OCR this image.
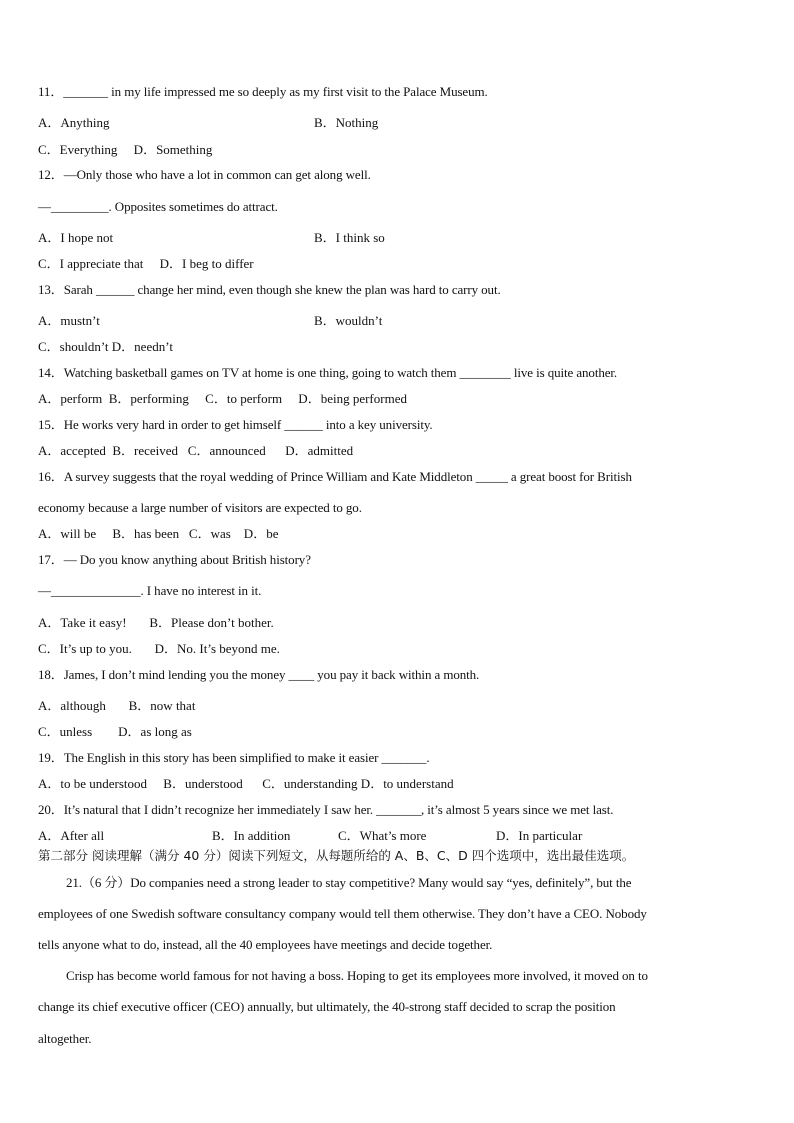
11．_______ in my life impressed me so deeply as my first visit to the Palace Museum.
A．Anything	B．Nothing
C．Everything     D．Something
12．—Only those who have a lot in common can get along well.
—_________. Opposites sometimes do attract.
A．I hope not	B．I think so
C．I appreciate that     D．I beg to differ
13．Sarah ______ change her mind, even though she knew the plan was hard to carry out.
A．mustn’t	B．wouldn’t
C．shouldn’t D．needn’t
14．Watching basketball games on TV at home is one thing, going to watch them ________ live is quite another.
A．perform  B．performing     C．to perform     D．being performed
15．He works very hard in order to get himself ______ into a key university.
A．accepted  B．received   C．announced      D．admitted
16．A survey suggests that the royal wedding of Prince William and Kate Middleton _____ a great boost for British
economy because a large number of visitors are expected to go.
A．will be     B．has been   C．was    D．be
17．— Do you know anything about British history?
—______________. I have no interest in it.
A．Take it easy!       B．Please don’t bother.
C．It’s up to you.       D．No. It’s beyond me.
18．James, I don’t mind lending you the money ____ you pay it back within a month.
A．although       B．now that
C．unless        D．as long as
19．The English in this story has been simplified to make it easier _______.
A．to be understood     B．understood      C．understanding D．to understand
20．It’s natural that I didn’t recognize her immediately I saw her. _______, it’s almost 5 years since we met last.
A．After all	B．In addition	C．What’s more	D．In particular
第二部分 阅读理解（满分 40 分）阅读下列短文，从每题所给的 A、B、C、D 四个选项中，选出最佳选项。
21.（6 分）Do companies need a strong leader to stay competitive? Many would say “yes, definitely”, but the
employees of one Swedish software consultancy company would tell them otherwise. They don’t have a CEO. Nobody
tells anyone what to do, instead, all the 40 employees have meetings and decide together.
Crisp has become world famous for not having a boss. Hoping to get its employees more involved, it moved on to
change its chief executive officer (CEO) annually, but ultimately, the 40-strong staff decided to scrap the position
altogether.
